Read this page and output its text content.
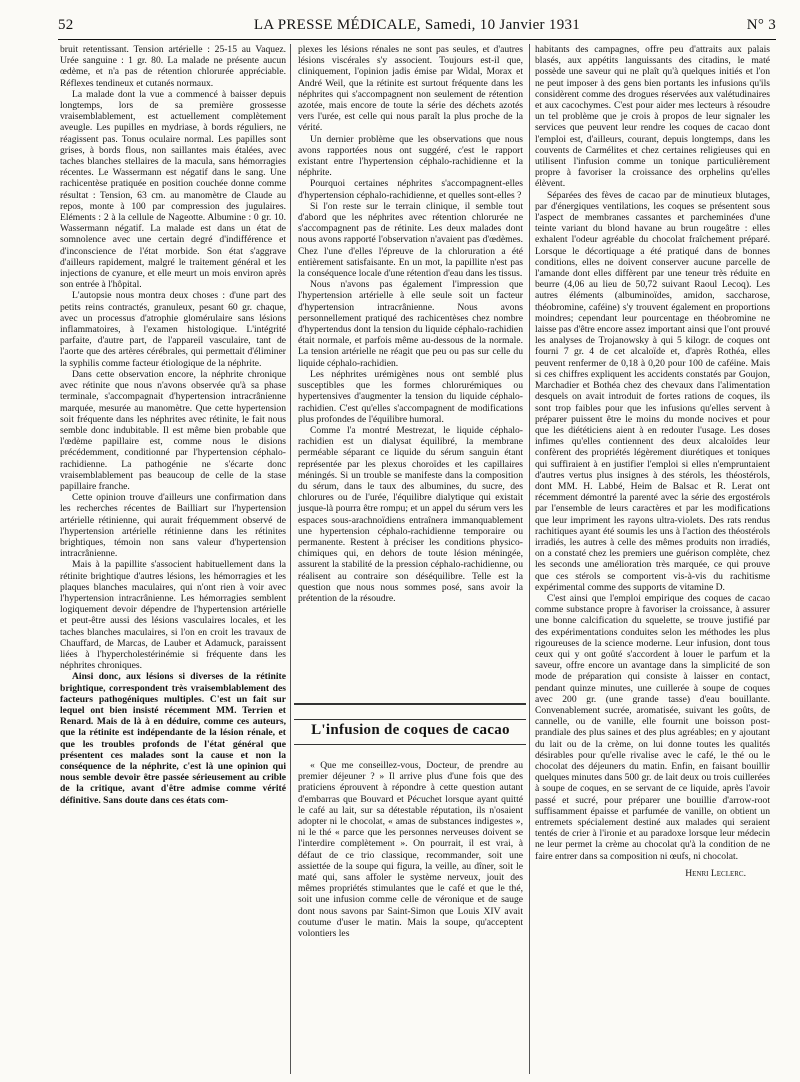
52	LA PRESSE MÉDICALE, Samedi, 10 Janvier 1931	N° 3

bruit retentissant. Tension artérielle : 25-15 au Vaquez. Urée sanguine : 1 gr. 80. La malade ne présente aucun œdème, et n'a pas de rétention chlorurée appréciable. Réflexes tendineux et cutanés normaux.

La malade dont la vue a commencé à baisser depuis longtemps, lors de sa première grossesse vraisemblablement, est actuellement complètement aveugle. Les pupilles en mydriase, à bords réguliers, ne réagissent pas. Tonus oculaire normal. Les papilles sont grises, à bords flous, non saillantes mais étalées, avec taches blanches stellaires de la macula, sans hémorragies récentes. Le Wassermann est négatif dans le sang. Une rachicentèse pratiquée en position couchée donne comme résultat : Tension, 63 cm. au manomètre de Claude au repos, monte à 100 par compression des jugulaires. Eléments : 2 à la cellule de Nageotte. Albumine : 0 gr. 10. Wassermann négatif. La malade est dans un état de somnolence avec une certain degré d'indifférence et d'inconscience de l'état morbide. Son état s'aggrave d'ailleurs rapidement, malgré le traitement général et les injections de cyanure, et elle meurt un mois environ après son entrée à l'hôpital.

L'autopsie nous montra deux choses : d'une part des petits reins contractés, granuleux, pesant 60 gr. chaque, avec un processus d'atrophie glomérulaire sans lésions inflammatoires, à l'examen histologique. L'intégrité parfaite, d'autre part, de l'appareil vasculaire, tant de l'aorte que des artères cérébrales, qui permettait d'éliminer la syphilis comme facteur étiologique de la néphrite.

Dans cette observation encore, la néphrite chronique avec rétinite que nous n'avons observée qu'à sa phase terminale, s'accompagnait d'hypertension intracrânienne marquée, mesurée au manomètre. Que cette hypertension soit fréquente dans les néphrites avec rétinite, le fait nous semble donc indubitable. Il est même bien probable que l'œdème papillaire est, comme nous le disions précédemment, conditionné par l'hypertension céphalo-rachidienne. La pathogénie ne s'écarte donc vraisemblablement pas beaucoup de celle de la stase papillaire franche.

Cette opinion trouve d'ailleurs une confirmation dans les recherches récentes de Bailliart sur l'hypertension artérielle rétinienne, qui aurait fréquemment observé de l'hypertension artérielle rétinienne dans les rétinites brightiques, témoin non sans valeur d'hypertension intracrânienne.

Mais à la papillite s'associent habituellement dans la rétinite brightique d'autres lésions, les hémorragies et les plaques blanches maculaires, qui n'ont rien à voir avec l'hypertension intracrânienne. Les hémorragies semblent logiquement devoir dépendre de l'hypertension artérielle et peut-être aussi des lésions vasculaires locales, et les taches blanches maculaires, si l'on en croit les travaux de Chauffard, de Marcas, de Lauber et Adamuck, paraissent liées à l'hypercholestérinémie si fréquente dans les néphrites chroniques.

Ainsi donc, aux lésions si diverses de la rétinite brightique, correspondent très vraisemblablement des facteurs pathogéniques multiples. C'est un fait sur lequel ont bien insisté récemment MM. Terrien et Renard. Mais de là à en déduire, comme ces auteurs, que la rétinite est indépendante de la lésion rénale, et que les troubles profonds de l'état général que présentent ces malades sont la cause et non la conséquence de la néphrite, c'est là une opinion qui nous semble devoir être passée sérieusement au crible de la critique, avant d'être admise comme vérité définitive. Sans doute dans ces états com-

plexes les lésions rénales ne sont pas seules, et d'autres lésions viscérales s'y associent. Toujours est-il que, cliniquement, l'opinion jadis émise par Widal, Morax et André Weil, que la rétinite est surtout fréquente dans les néphrites qui s'accompagnent non seulement de rétention azotée, mais encore de toute la série des déchets azotés vers l'urée, est celle qui nous paraît la plus proche de la vérité.

Un dernier problème que les observations que nous avons rapportées nous ont suggéré, c'est le rapport existant entre l'hypertension céphalo-rachidienne et la néphrite.

Pourquoi certaines néphrites s'accompagnent-elles d'hypertension céphalo-rachidienne, et quelles sont-elles ?

Si l'on reste sur le terrain clinique, il semble tout d'abord que les néphrites avec rétention chlorurée ne s'accompagnent pas de rétinite. Les deux malades dont nous avons rapporté l'observation n'avaient pas d'œdèmes. Chez l'une d'elles l'épreuve de la chloruration a été entièrement satisfaisante. En un mot, la papillite n'est pas la conséquence locale d'une rétention d'eau dans les tissus.

Nous n'avons pas également l'impression que l'hypertension artérielle à elle seule soit un facteur d'hypertension intracrânienne. Nous avons personnellement pratiqué des rachicentèses chez nombre d'hypertendus dont la tension du liquide céphalo-rachidien était normale, et parfois même au-dessous de la normale. La tension artérielle ne réagit que peu ou pas sur celle du liquide céphalo-rachidien.

Les néphrites urémigènes nous ont semblé plus susceptibles que les formes chlorurémiques ou hypertensives d'augmenter la tension du liquide céphalo-rachidien. C'est qu'elles s'accompagnent de modifications plus profondes de l'équilibre humoral.

Comme l'a montré Mestrezat, le liquide céphalo-rachidien est un dialysat équilibré, la membrane perméable séparant ce liquide du sérum sanguin étant représentée par les plexus choroïdes et les capillaires méningés. Si un trouble se manifeste dans la composition du sérum, dans le taux des albumines, du sucre, des chlorures ou de l'urée, l'équilibre dialytique qui existait jusque-là pourra être rompu; et un appel du sérum vers les espaces sous-arachnoïdiens entraînera immanquablement une hypertension céphalo-rachidienne temporaire ou permanente. Restent à préciser les conditions physico-chimiques qui, en dehors de toute lésion méningée, assurent la stabilité de la pression céphalo-rachidienne, ou réalisent au contraire son déséquilibre. Telle est la question que nous nous sommes posé, sans avoir la prétention de la résoudre.

L'infusion de coques de cacao

« Que me conseillez-vous, Docteur, de prendre au premier déjeuner ? » Il arrive plus d'une fois que des praticiens éprouvent à répondre à cette question autant d'embarras que Bouvard et Pécuchet lorsque ayant quitté le café au lait, sur sa détestable réputation, ils n'osaient adopter ni le chocolat, « amas de substances indigestes », ni le thé « parce que les personnes nerveuses doivent se l'interdire complètement ». On pourrait, il est vrai, à défaut de ce trio classique, recommander, soit une assiettée de la soupe qui figura, la veille, au dîner, soit le maté qui, sans affoler le système nerveux, jouit des mêmes propriétés stimulantes que le café et que le thé, soit une infusion comme celle de véronique et de sauge dont nous savons par Saint-Simon que Louis XIV avait coutume d'user le matin. Mais la soupe, qu'acceptent volontiers les

habitants des campagnes, offre peu d'attraits aux palais blasés, aux appétits languissants des citadins, le maté possède une saveur qui ne plaît qu'à quelques initiés et l'on ne peut imposer à des gens bien portants les infusions qu'ils considèrent comme des drogues réservées aux valétudinaires et aux cacochymes. C'est pour aider mes lecteurs à résoudre un tel problème que je crois à propos de leur signaler les services que peuvent leur rendre les coques de cacao dont l'emploi est, d'ailleurs, courant, depuis longtemps, dans les couvents de Carmélites et chez certaines religieuses qui en utilisent l'infusion comme un tonique particulièrement propre à favoriser la croissance des orphelins qu'elles élèvent.

Séparées des fèves de cacao par de minutieux blutages, par d'énergiques ventilations, les coques se présentent sous l'aspect de membranes cassantes et parcheminées d'une teinte variant du blond havane au brun rougeâtre : elles exhalent l'odeur agréable du chocolat fraîchement préparé. Lorsque le décortiquage a été pratiqué dans de bonnes conditions, elles ne doivent conserver aucune parcelle de l'amande dont elles diffèrent par une teneur très réduite en beurre (4,06 au lieu de 50,72 suivant Raoul Lecoq). Les autres éléments (albuminoïdes, amidon, saccharose, théobromine, caféine) s'y trouvent également en proportions moindres; cependant leur pourcentage en théobromine ne laisse pas d'être encore assez important ainsi que l'ont prouvé les analyses de Trojanowsky à qui 5 kilogr. de coques ont fourni 7 gr. 4 de cet alcaloïde et, d'après Rothéa, elles peuvent renfermer de 0,18 à 0,20 pour 100 de caféine. Mais si ces chiffres expliquent les accidents constatés par Goujon, Marchadier et Bothéa chez des chevaux dans l'alimentation desquels on avait introduit de fortes rations de coques, ils sont trop faibles pour que les infusions qu'elles servent à préparer puissent être le moins du monde nocives et pour que les diététiciens aient à en redouter l'usage. Les doses infimes qu'elles contiennent des deux alcaloïdes leur confèrent des propriétés légèrement diurétiques et toniques qui suffiraient à en justifier l'emploi si elles n'empruntaient d'autres vertus plus insignes à des stérols, les théostérols, dont MM. H. Labbé, Heim de Balsac et R. Lerat ont récemment démontré la parenté avec la série des ergostérols par l'ensemble de leurs caractères et par les modifications que leur impriment les rayons ultra-violets. Des rats rendus rachitiques ayant été soumis les uns à l'action des théostérols irradiés, les autres à celle des mêmes produits non irradiés, on a constaté chez les premiers une guérison complète, chez les seconds une amélioration très marquée, ce qui prouve que ces stérols se comportent vis-à-vis du rachitisme expérimental comme des supports de vitamine D.

C'est ainsi que l'emploi empirique des coques de cacao comme substance propre à favoriser la croissance, à assurer une bonne calcification du squelette, se trouve justifié par des expérimentations conduites selon les méthodes les plus rigoureuses de la science moderne. Leur infusion, dont tous ceux qui y ont goûté s'accordent à louer le parfum et la saveur, offre encore un avantage dans la simplicité de son mode de préparation qui consiste à laisser en contact, pendant quinze minutes, une cuillerée à soupe de coques avec 200 gr. (une grande tasse) d'eau bouillante. Convenablement sucrée, aromatisée, suivant les goûts, de cannelle, ou de vanille, elle fournit une boisson post-prandiale des plus saines et des plus agréables; en y ajoutant du lait ou de la crème, on lui donne toutes les qualités désirables pour qu'elle rivalise avec le café, le thé ou le chocolat des déjeuners du matin. Enfin, en faisant bouillir quelques minutes dans 500 gr. de lait deux ou trois cuillerées à soupe de coques, en se servant de ce liquide, après l'avoir passé et sucré, pour préparer une bouillie d'arrow-root suffisamment épaisse et parfumée de vanille, on obtient un entremets spécialement destiné aux malades qui seraient tentés de crier à l'ironie et au paradoxe lorsque leur médecin ne leur permet la crème au chocolat qu'à la condition de ne faire entrer dans sa composition ni œufs, ni chocolat.

Henri Leclerc.
